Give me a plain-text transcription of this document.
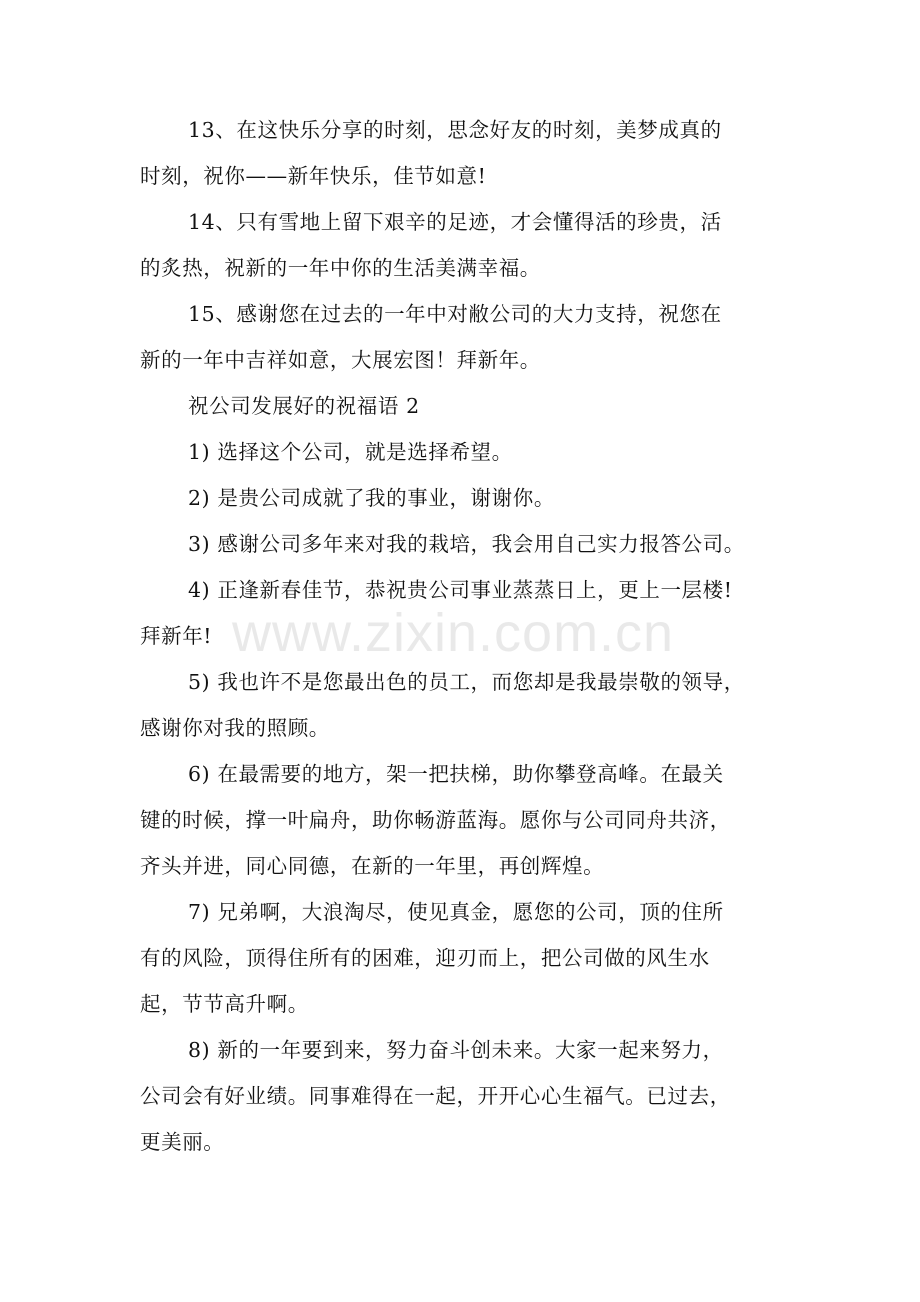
13、在这快乐分享的时刻，思念好友的时刻，美梦成真的
时刻，祝你——新年快乐，佳节如意!

14、只有雪地上留下艰辛的足迹，才会懂得活的珍贵，活
的炙热，祝新的一年中你的生活美满幸福。

15、感谢您在过去的一年中对敝公司的大力支持，祝您在
新的一年中吉祥如意，大展宏图！拜新年。

祝公司发展好的祝福语 2

1) 选择这个公司，就是选择希望。

2) 是贵公司成就了我的事业，谢谢你。

3) 感谢公司多年来对我的栽培，我会用自己实力报答公司。

4) 正逢新春佳节，恭祝贵公司事业蒸蒸日上，更上一层楼!
拜新年!

5) 我也许不是您最出色的员工，而您却是我最崇敬的领导，
感谢你对我的照顾。

6) 在最需要的地方，架一把扶梯，助你攀登高峰。在最关
键的时候，撑一叶扁舟，助你畅游蓝海。愿你与公司同舟共济，
齐头并进，同心同德，在新的一年里，再创辉煌。

7) 兄弟啊，大浪淘尽，使见真金，愿您的公司，顶的住所
有的风险，顶得住所有的困难，迎刃而上，把公司做的风生水
起，节节高升啊。

8) 新的一年要到来，努力奋斗创未来。大家一起来努力，
公司会有好业绩。同事难得在一起，开开心心生福气。已过去，
更美丽。

www.zixin.com.cn
